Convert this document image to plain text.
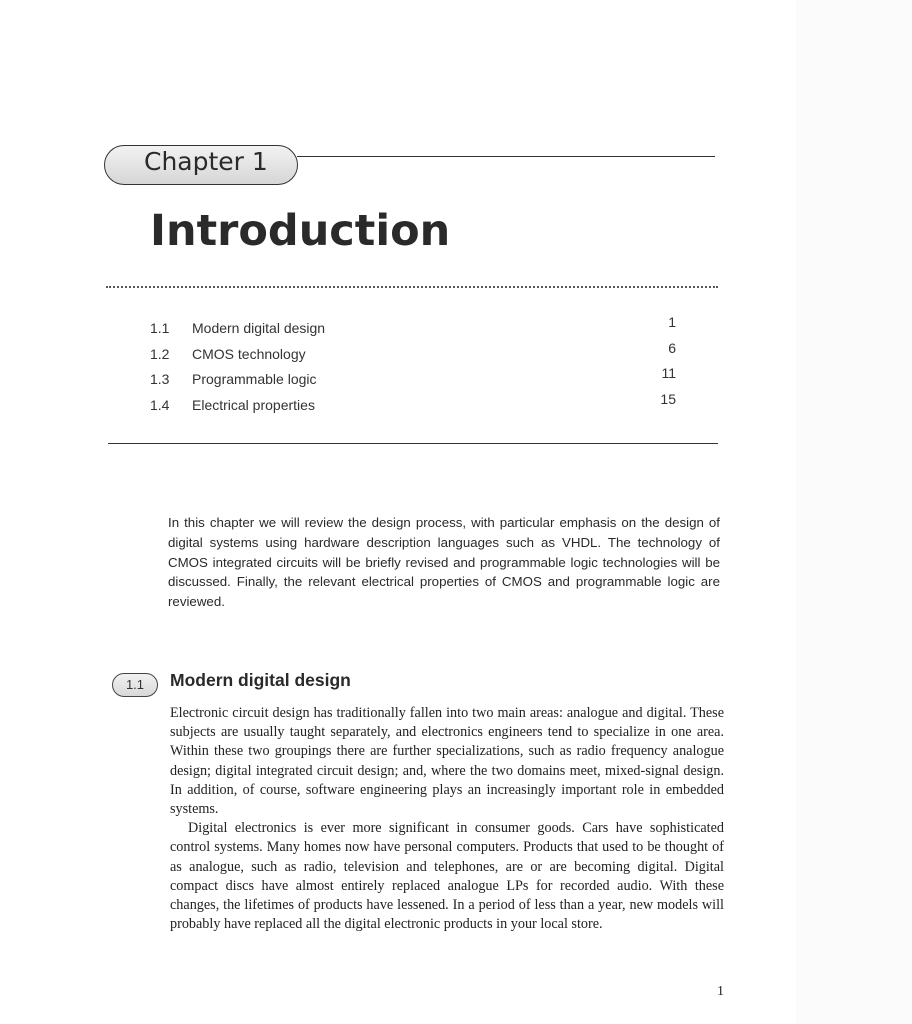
Chapter 1
Introduction
1.1 Modern digital design	1
1.2 CMOS technology	6
1.3 Programmable logic	11
1.4 Electrical properties	15

In this chapter we will review the design process, with particular emphasis on the design of digital systems using hardware description languages such as VHDL. The technology of CMOS integrated circuits will be briefly revised and programmable logic technologies will be discussed. Finally, the relevant electrical properties of CMOS and programmable logic are reviewed.

1.1	Modern digital design

Electronic circuit design has traditionally fallen into two main areas: analogue and digital. These subjects are usually taught separately, and electronics engineers tend to specialize in one area. Within these two groupings there are further specializations, such as radio frequency analogue design; digital integrated circuit design; and, where the two domains meet, mixed-signal design. In addition, of course, software engineering plays an increasingly important role in embedded systems.

Digital electronics is ever more significant in consumer goods. Cars have sophisticated control systems. Many homes now have personal computers. Products that used to be thought of as analogue, such as radio, television and telephones, are or are becoming digital. Digital compact discs have almost entirely replaced analogue LPs for recorded audio. With these changes, the lifetimes of products have lessened. In a period of less than a year, new models will probably have replaced all the digital electronic products in your local store.

1
